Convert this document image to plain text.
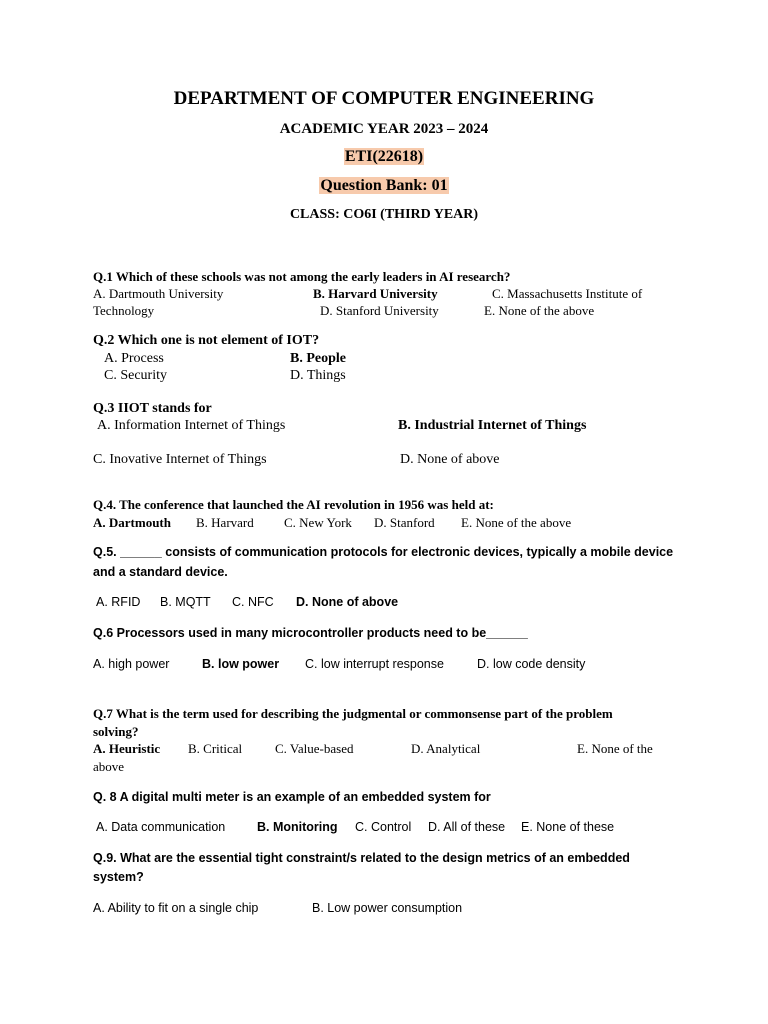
DEPARTMENT OF COMPUTER ENGINEERING
ACADEMIC YEAR 2023 – 2024
ETI(22618)
Question Bank: 01
CLASS: CO6I (THIRD YEAR)
Q.1 Which of these schools was not among the early leaders in AI research?
A. Dartmouth University	B. Harvard University	C. Massachusetts Institute of
Technology	D. Stanford University	E. None of the above
Q.2 Which one is not element of IOT?
A. Process	B. People
C. Security	D. Things
Q.3 IIOT stands for
A. Information Internet of Things	B. Industrial Internet of Things
C. Inovative Internet of Things	D. None of above
Q.4. The conference that launched the AI revolution in 1956 was held at:
A. Dartmouth B. Harvard C. New York D. Stanford E. None of the above
Q.5. ______ consists of communication protocols for electronic devices, typically a mobile device
and a standard device.
A. RFID B. MQTT C. NFC D. None of above
Q.6 Processors used in many microcontroller products need to be______
A. high power	B. low power C. low interrupt response	D. low code density
Q.7 What is the term used for describing the judgmental or commonsense part of the problem
solving?
A. Heuristic B. Critical	C. Value-based	D. Analytical	E. None of the
above
Q. 8 A digital multi meter is an example of an embedded system for
A. Data communication	B. Monitoring C. Control D. All of these E. None of these
Q.9. What are the essential tight constraint/s related to the design metrics of an embedded
system?
A. Ability to fit on a single chip	B. Low power consumption
